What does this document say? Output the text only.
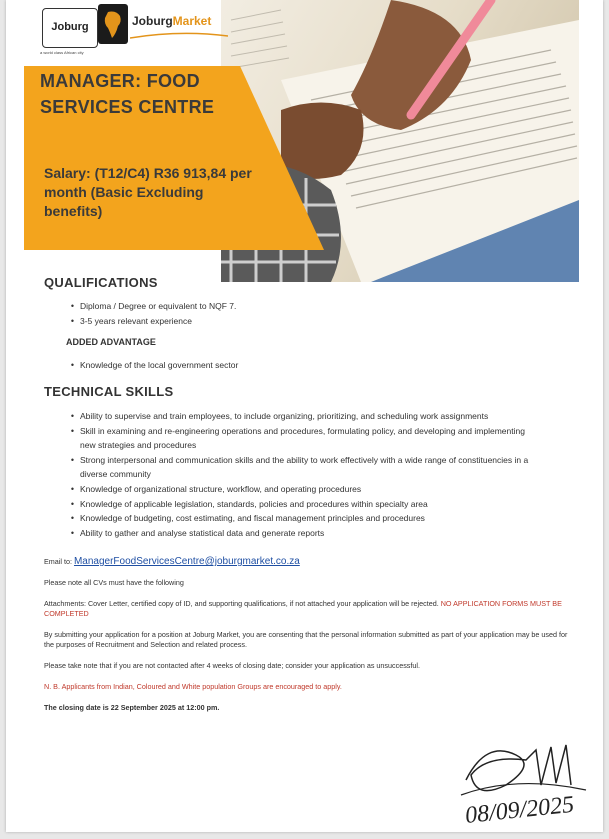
Joburg
a world class African city
JoburgMarket
MANAGER: FOOD SERVICES CENTRE
Salary: (T12/C4) R36 913,84 per month (Basic Excluding benefits)
QUALIFICATIONS
• Diploma / Degree or equivalent to NQF 7.
• 3-5 years relevant experience
ADDED ADVANTAGE
• Knowledge of the local government sector
TECHNICAL SKILLS
• Ability to supervise and train employees, to include organizing, prioritizing, and scheduling work assignments
• Skill in examining and re-engineering operations and procedures, formulating policy, and developing and implementing new strategies and procedures
• Strong interpersonal and communication skills and the ability to work effectively with a wide range of constituencies in a diverse community
• Knowledge of organizational structure, workflow, and operating procedures
• Knowledge of applicable legislation, standards, policies and procedures within specialty area
• Knowledge of budgeting, cost estimating, and fiscal management principles and procedures
• Ability to gather and analyse statistical data and generate reports
Email to: ManagerFoodServicesCentre@joburgmarket.co.za
Please note all CVs must have the following
Attachments: Cover Letter, certified copy of ID, and supporting qualifications, if not attached your application will be rejected. NO APPLICATION FORMS MUST BE COMPLETED
By submitting your application for a position at Joburg Market, you are consenting that the personal information submitted as part of your application may be used for the purposes of Recruitment and Selection and related process.
Please take note that if you are not contacted after 4 weeks of closing date; consider your application as unsuccessful.
N. B. Applicants from Indian, Coloured and White population Groups are encouraged to apply.
The closing date is 22 September 2025 at 12:00 pm.
08/09/2025
